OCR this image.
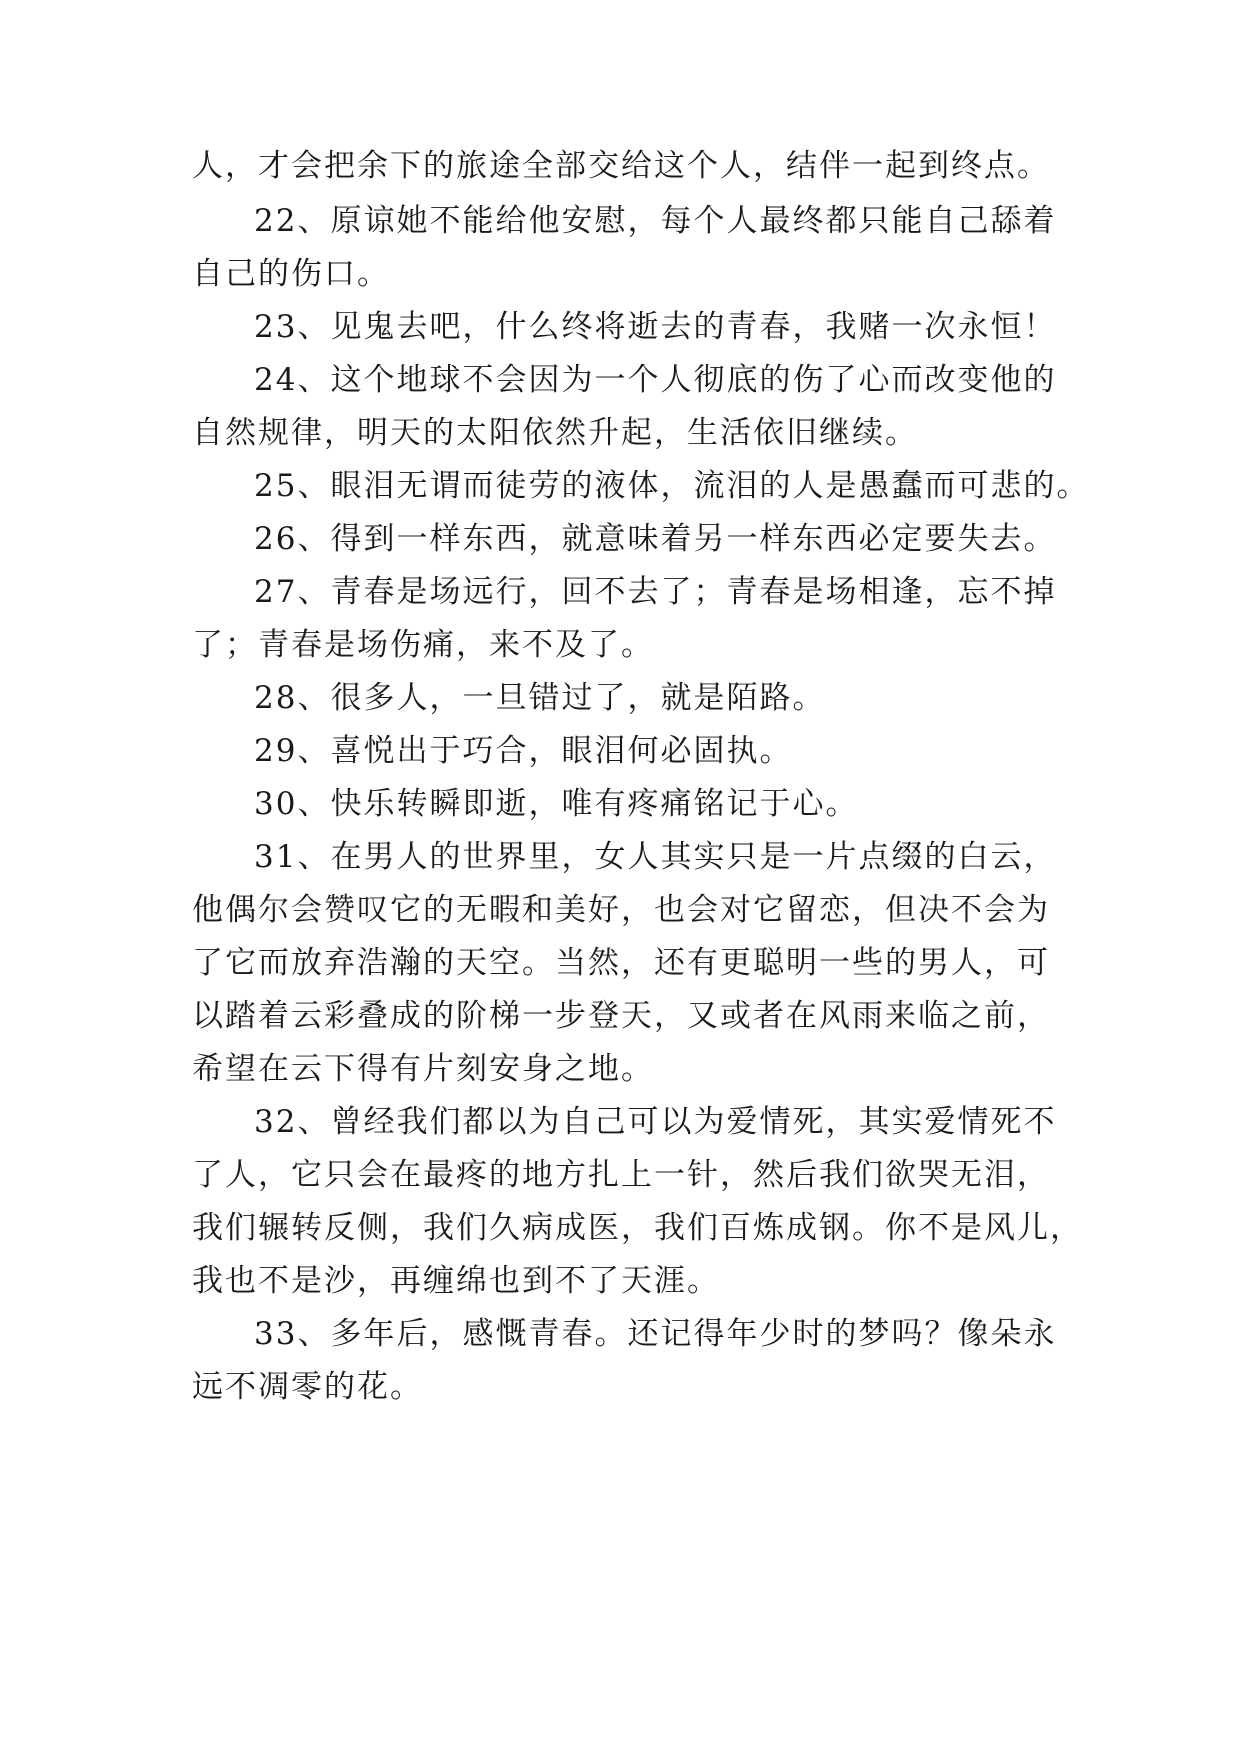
人，才会把余下的旅途全部交给这个人，结伴一起到终点。

22、原谅她不能给他安慰，每个人最终都只能自己舔着

自己的伤口。

23、见鬼去吧，什么终将逝去的青春，我赌一次永恒！

24、这个地球不会因为一个人彻底的伤了心而改变他的

自然规律，明天的太阳依然升起，生活依旧继续。

25、眼泪无谓而徒劳的液体，流泪的人是愚蠢而可悲的。

26、得到一样东西，就意味着另一样东西必定要失去。

27、青春是场远行，回不去了；青春是场相逢，忘不掉

了；青春是场伤痛，来不及了。

28、很多人，一旦错过了，就是陌路。

29、喜悦出于巧合，眼泪何必固执。

30、快乐转瞬即逝，唯有疼痛铭记于心。

31、在男人的世界里，女人其实只是一片点缀的白云，

他偶尔会赞叹它的无暇和美好，也会对它留恋，但决不会为

了它而放弃浩瀚的天空。当然，还有更聪明一些的男人，可

以踏着云彩叠成的阶梯一步登天，又或者在风雨来临之前，

希望在云下得有片刻安身之地。

32、曾经我们都以为自己可以为爱情死，其实爱情死不

了人，它只会在最疼的地方扎上一针，然后我们欲哭无泪，

我们辗转反侧，我们久病成医，我们百炼成钢。你不是风儿，

我也不是沙，再缠绵也到不了天涯。

33、多年后，感慨青春。还记得年少时的梦吗？像朵永

远不凋零的花。
